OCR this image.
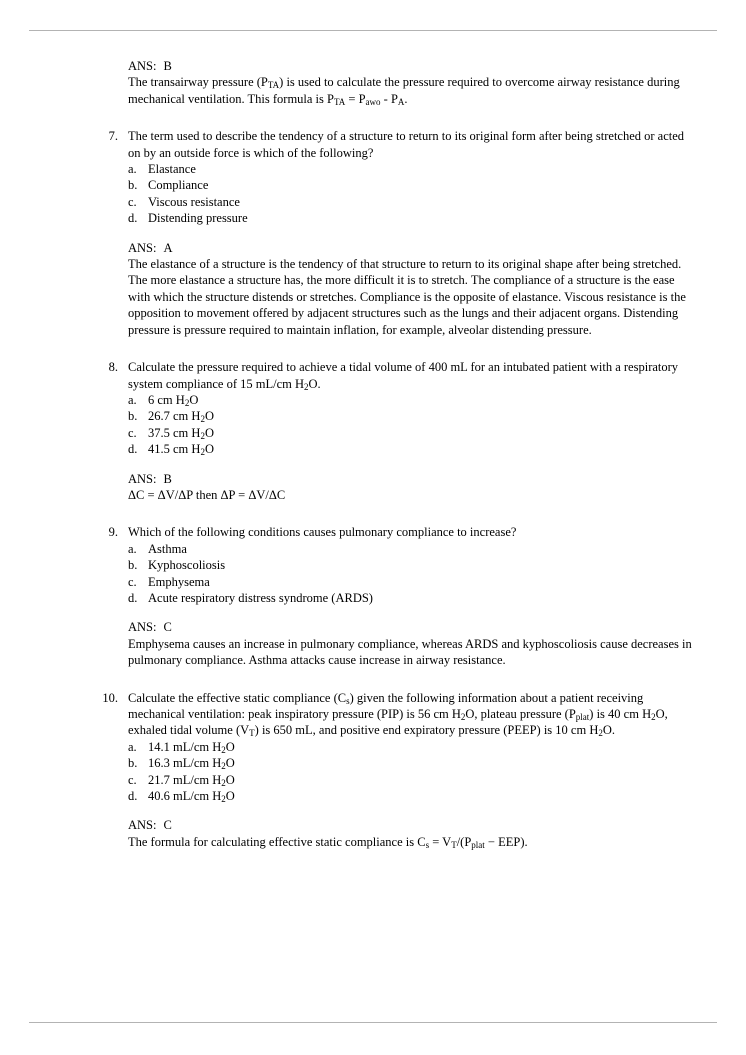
ANS: B
The transairway pressure $(P_{TA})$ is used to calculate the pressure required to overcome airway resistance during mechanical ventilation. This formula is $P_{TA} = P_{awo} - P_A$.
7. The term used to describe the tendency of a structure to return to its original form after being stretched or acted on by an outside force is which of the following?
a. Elastance
b. Compliance
c. Viscous resistance
d. Distending pressure
ANS: A
The elastance of a structure is the tendency of that structure to return to its original shape after being stretched. The more elastance a structure has, the more difficult it is to stretch. The compliance of a structure is the ease with which the structure distends or stretches. Compliance is the opposite of elastance. Viscous resistance is the opposition to movement offered by adjacent structures such as the lungs and their adjacent organs. Distending pressure is pressure required to maintain inflation, for example, alveolar distending pressure.
8. Calculate the pressure required to achieve a tidal volume of 400 mL for an intubated patient with a respiratory system compliance of 15 mL/cm $H_2O$.
a. 6 cm $H_2O$
b. 26.7 cm $H_2O$
c. 37.5 cm $H_2O$
d. 41.5 cm $H_2O$
ANS: B
ΔC = ΔV/ΔP then ΔP = ΔV/ΔC
9. Which of the following conditions causes pulmonary compliance to increase?
a. Asthma
b. Kyphoscoliosis
c. Emphysema
d. Acute respiratory distress syndrome (ARDS)
ANS: C
Emphysema causes an increase in pulmonary compliance, whereas ARDS and kyphoscoliosis cause decreases in pulmonary compliance. Asthma attacks cause increase in airway resistance.
10. Calculate the effective static compliance $(C_s)$ given the following information about a patient receiving mechanical ventilation: peak inspiratory pressure (PIP) is 56 cm $H_2O$, plateau pressure $(P_{plat})$ is 40 cm $H_2O$, exhaled tidal volume $(V_T)$ is 650 mL, and positive end expiratory pressure (PEEP) is 10 cm $H_2O$.
a. 14.1 mL/cm $H_2O$
b. 16.3 mL/cm $H_2O$
c. 21.7 mL/cm $H_2O$
d. 40.6 mL/cm $H_2O$
ANS: C
The formula for calculating effective static compliance is $C_s = V_T/(P_{plat} - EEP)$.
